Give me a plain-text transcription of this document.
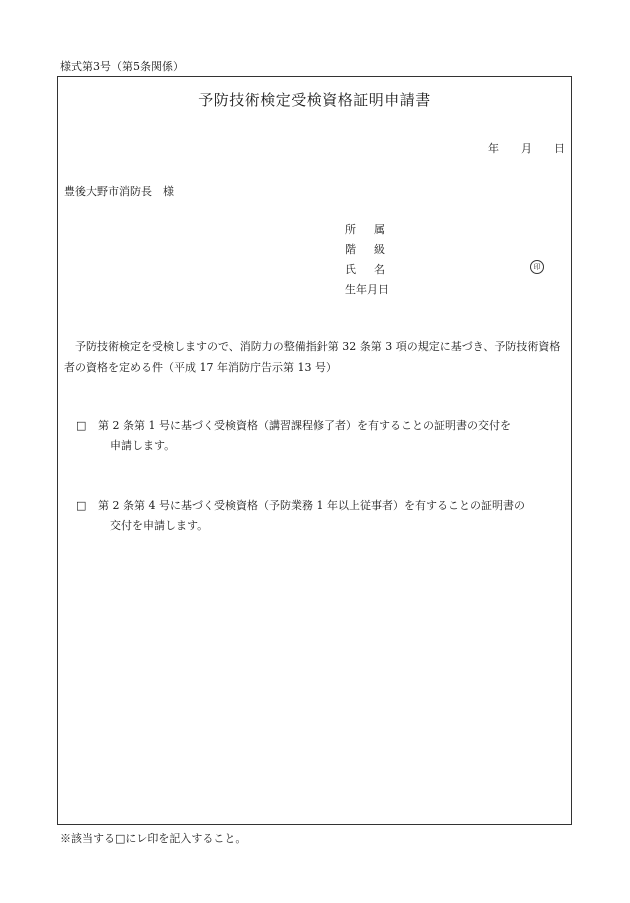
様式第3号（第5条関係）
予防技術検定受検資格証明申請書
年 月 日
豊後大野市消防長　様
所属
階級
氏名
生年月日
印
予防技術検定を受検しますので、消防力の整備指針第 32 条第 3 項の規定に基づき、予防技術資格者の資格を定める件（平成 17 年消防庁告示第 13 号）
□	第 2 条第 1 号に基づく受検資格（講習課程修了者）を有することの証明書の交付を
申請します。
□	第 2 条第 4 号に基づく受検資格（予防業務 1 年以上従事者）を有することの証明書の
交付を申請します。
※該当する□にレ印を記入すること。
